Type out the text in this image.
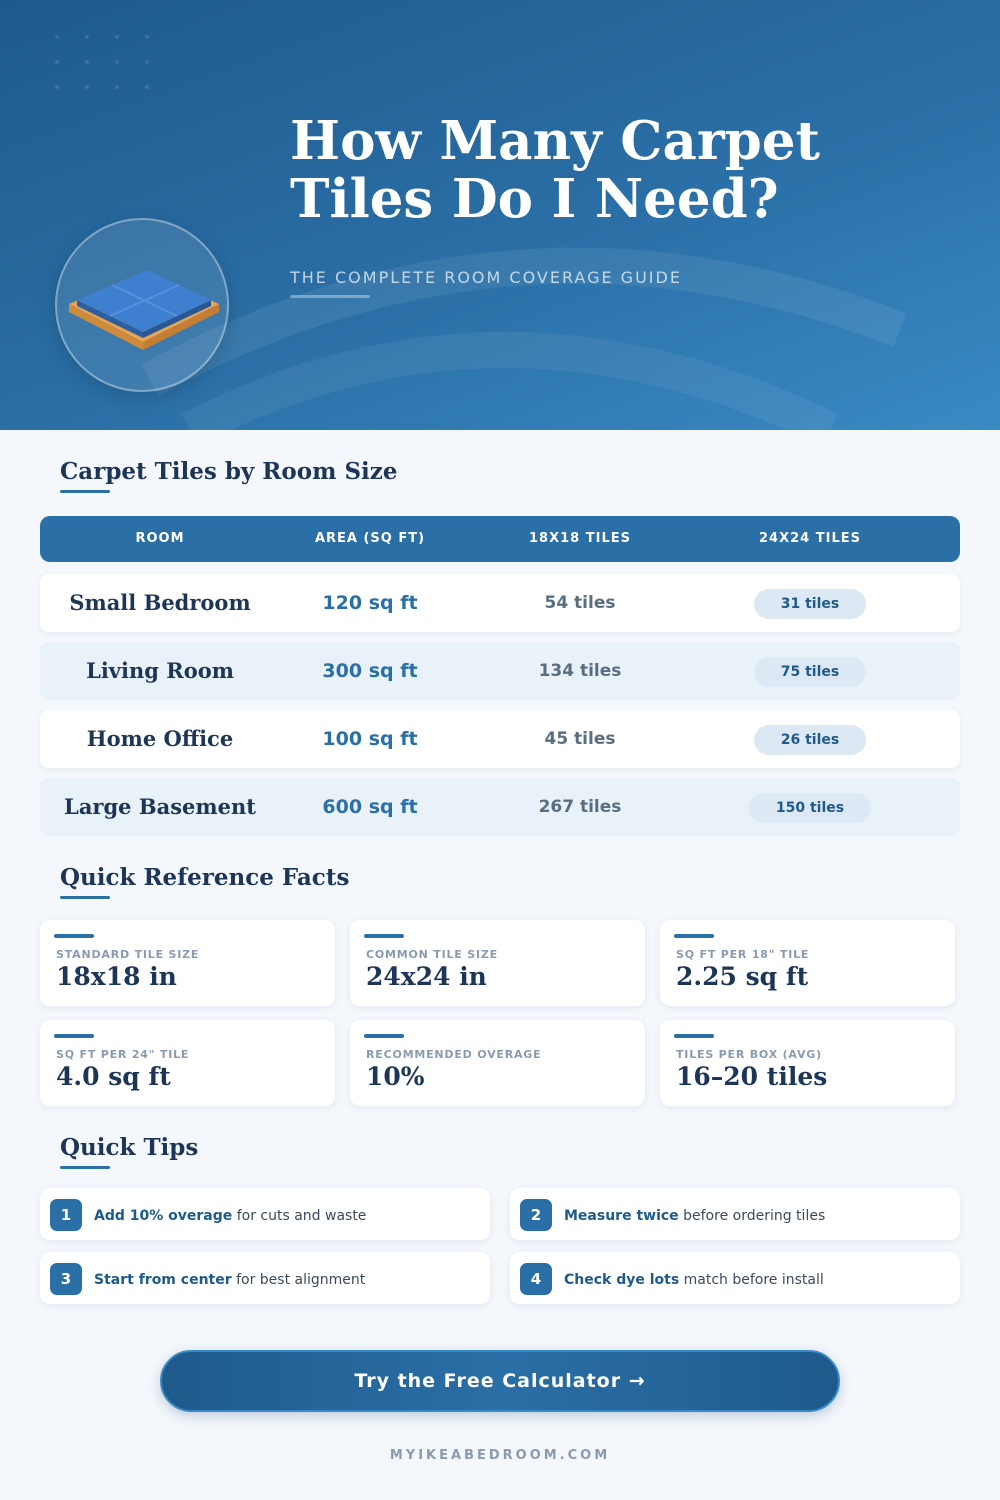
How Many Carpet
Tiles Do I Need?
THE COMPLETE ROOM COVERAGE GUIDE
Carpet Tiles by Room Size
ROOM	AREA (SQ FT)	18X18 TILES	24X24 TILES
Small Bedroom	120 sq ft	54 tiles	31 tiles
Living Room	300 sq ft	134 tiles	75 tiles
Home Office	100 sq ft	45 tiles	26 tiles
Large Basement	600 sq ft	267 tiles	150 tiles
Quick Reference Facts
STANDARD TILE SIZE
18x18 in
COMMON TILE SIZE
24x24 in
SQ FT PER 18" TILE
2.25 sq ft
SQ FT PER 24" TILE
4.0 sq ft
RECOMMENDED OVERAGE
10%
TILES PER BOX (AVG)
16–20 tiles
Quick Tips
1	Add 10% overage for cuts and waste	2	Measure twice before ordering tiles
3	Start from center for best alignment	4	Check dye lots match before install
Try the Free Calculator →
MYIKEABEDROOM.COM
